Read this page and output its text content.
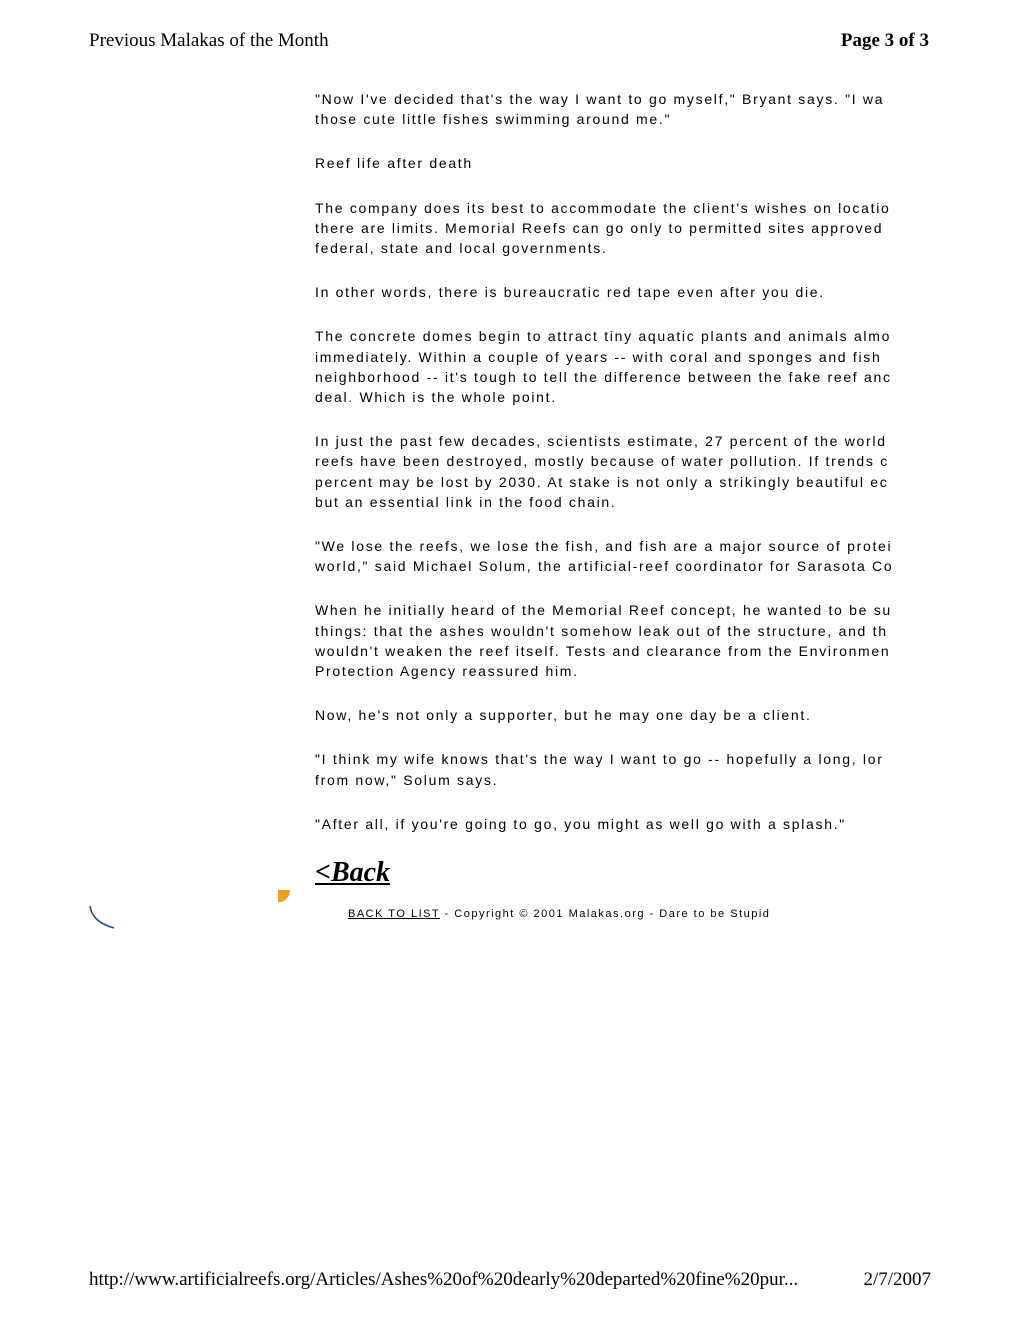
Previous Malakas of the Month	Page 3 of 3

"Now I've decided that's the way I want to go myself," Bryant says. "I wa
those cute little fishes swimming around me."

Reef life after death

The company does its best to accommodate the client's wishes on locatio
there are limits. Memorial Reefs can go only to permitted sites approved
federal, state and local governments.

In other words, there is bureaucratic red tape even after you die.

The concrete domes begin to attract tiny aquatic plants and animals almo
immediately. Within a couple of years -- with coral and sponges and fish
neighborhood -- it's tough to tell the difference between the fake reef anc
deal. Which is the whole point.

In just the past few decades, scientists estimate, 27 percent of the world
reefs have been destroyed, mostly because of water pollution. If trends c
percent may be lost by 2030. At stake is not only a strikingly beautiful ec
but an essential link in the food chain.

"We lose the reefs, we lose the fish, and fish are a major source of protei
world," said Michael Solum, the artificial-reef coordinator for Sarasota Co

When he initially heard of the Memorial Reef concept, he wanted to be su
things: that the ashes wouldn't somehow leak out of the structure, and th
wouldn't weaken the reef itself. Tests and clearance from the Environmen
Protection Agency reassured him.

Now, he's not only a supporter, but he may one day be a client.

"I think my wife knows that's the way I want to go -- hopefully a long, lor
from now," Solum says.

"After all, if you're going to go, you might as well go with a splash."

<Back
BACK TO LIST - Copyright © 2001 Malakas.org - Dare to be Stupid
http://www.artificialreefs.org/Articles/Ashes%20of%20dearly%20departed%20fine%20pur...	2/7/2007
